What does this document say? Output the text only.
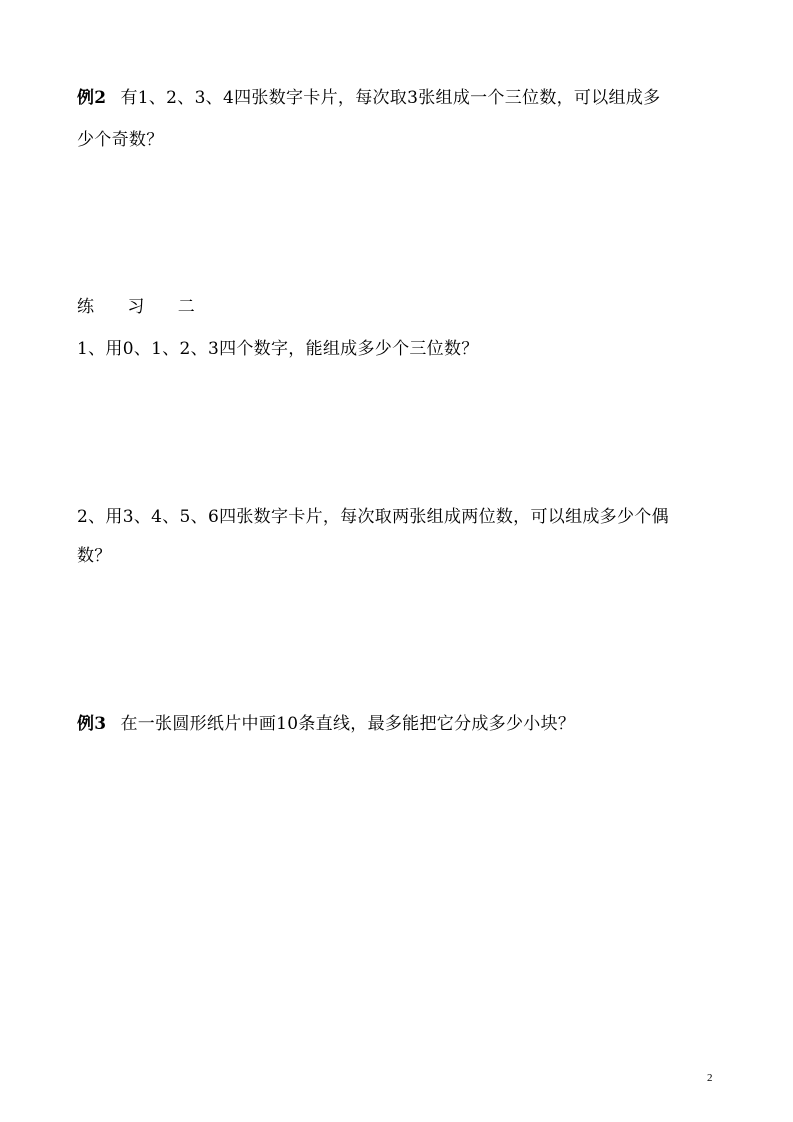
例2 有1、2、3、4四张数字卡片，每次取3张组成一个三位数，可以组成多
少个奇数？
练 习 二
1、用0、1、2、3四个数字，能组成多少个三位数？
2、用3、4、5、6四张数字卡片，每次取两张组成两位数，可以组成多少个偶
数？
例3 在一张圆形纸片中画10条直线，最多能把它分成多少小块？
2
